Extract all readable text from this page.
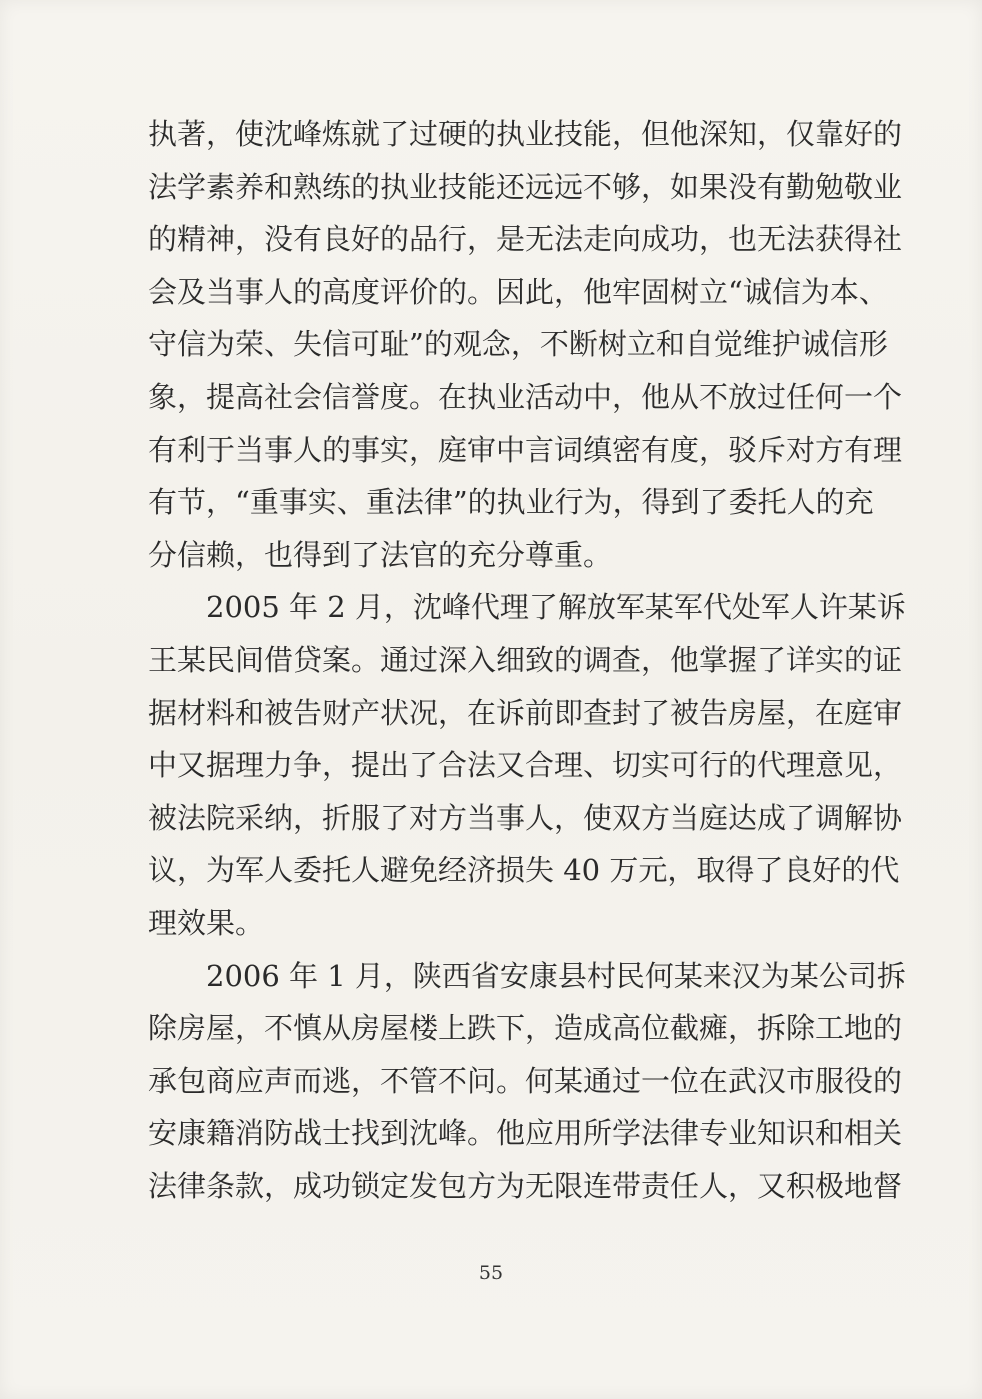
执著，使沈峰炼就了过硬的执业技能，但他深知，仅靠好的
法学素养和熟练的执业技能还远远不够，如果没有勤勉敬业
的精神，没有良好的品行，是无法走向成功，也无法获得社
会及当事人的高度评价的。因此，他牢固树立“诚信为本、
守信为荣、失信可耻”的观念，不断树立和自觉维护诚信形
象，提高社会信誉度。在执业活动中，他从不放过任何一个
有利于当事人的事实，庭审中言词缜密有度，驳斥对方有理
有节，“重事实、重法律”的执业行为，得到了委托人的充
分信赖，也得到了法官的充分尊重。
2005 年 2 月，沈峰代理了解放军某军代处军人许某诉
王某民间借贷案。通过深入细致的调查，他掌握了详实的证
据材料和被告财产状况，在诉前即查封了被告房屋，在庭审
中又据理力争，提出了合法又合理、切实可行的代理意见，
被法院采纳，折服了对方当事人，使双方当庭达成了调解协
议，为军人委托人避免经济损失 40 万元，取得了良好的代
理效果。
2006 年 1 月，陕西省安康县村民何某来汉为某公司拆
除房屋，不慎从房屋楼上跌下，造成高位截瘫，拆除工地的
承包商应声而逃，不管不问。何某通过一位在武汉市服役的
安康籍消防战士找到沈峰。他应用所学法律专业知识和相关
法律条款，成功锁定发包方为无限连带责任人，又积极地督
55
